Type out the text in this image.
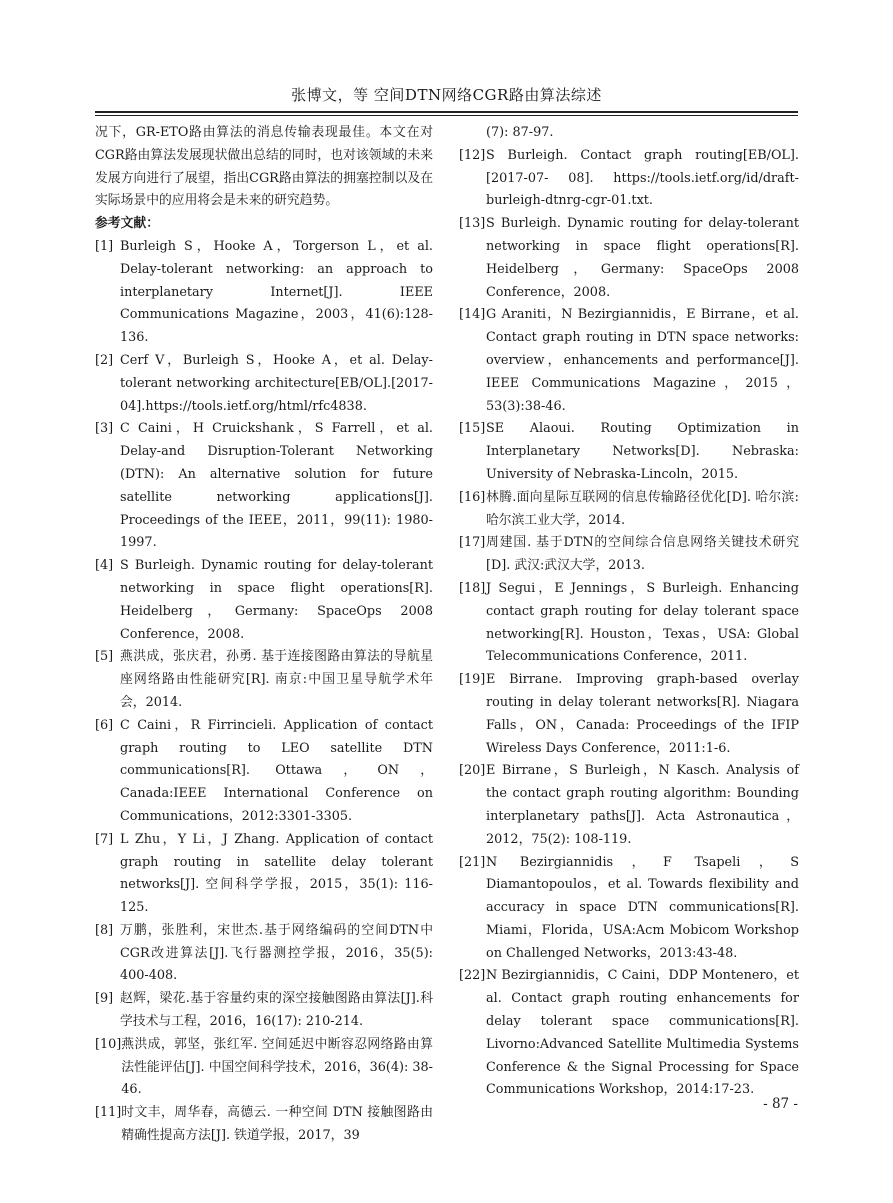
张博文，等 空间DTN网络CGR路由算法综述

况下，GR-ETO路由算法的消息传输表现最佳。本文在对CGR路由算法发展现状做出总结的同时，也对该领域的未来发展方向进行了展望，指出CGR路由算法的拥塞控制以及在实际场景中的应用将会是未来的研究趋势。

参考文献：

[1] Burleigh S，Hooke A，Torgerson L，et al. Delay-tolerant networking: an approach to interplanetary Internet[J]. IEEE Communications Magazine，2003，41(6):128-136.
[2] Cerf V，Burleigh S，Hooke A，et al. Delay-tolerant networking architecture[EB/OL].[2017-04].https://tools.ietf.org/html/rfc4838.
[3] C Caini，H Cruickshank，S Farrell，et al. Delay-and Disruption-Tolerant Networking (DTN): An alternative solution for future satellite networking applications[J]. Proceedings of the IEEE，2011，99(11): 1980-1997.
[4] S Burleigh. Dynamic routing for delay-tolerant networking in space flight operations[R]. Heidelberg，Germany: SpaceOps 2008 Conference，2008.
[5] 燕洪成，张庆君，孙勇. 基于连接图路由算法的导航星座网络路由性能研究[R]. 南京:中国卫星导航学术年会，2014.
[6] C Caini，R Firrincieli. Application of contact graph routing to LEO satellite DTN communications[R]. Ottawa，ON，Canada:IEEE International Conference on Communications，2012:3301-3305.
[7] L Zhu，Y Li，J Zhang. Application of contact graph routing in satellite delay tolerant networks[J]. 空间科学学报，2015，35(1): 116-125.
[8] 万鹏，张胜利，宋世杰.基于网络编码的空间DTN中CGR改进算法[J].飞行器测控学报，2016，35(5): 400-408.
[9] 赵辉，梁花.基于容量约束的深空接触图路由算法[J].科学技术与工程，2016，16(17): 210-214.
[10] 燕洪成，郭坚，张红军. 空间延迟中断容忍网络路由算法性能评估[J]. 中国空间科学技术，2016，36(4): 38-46.
[11] 时文丰，周华春，高德云. 一种空间 DTN 接触图路由精确性提高方法[J]. 铁道学报，2017，39
(7): 87-97.
[12] S Burleigh. Contact graph routing[EB/OL]. [2017-07- 08]. https://tools.ietf.org/id/draft- burleigh-dtnrg-cgr-01.txt.
[13] S Burleigh. Dynamic routing for delay-tolerant networking in space flight operations[R]. Heidelberg，Germany: SpaceOps 2008 Conference，2008.
[14] G Araniti，N Bezirgiannidis，E Birrane，et al. Contact graph routing in DTN space networks: overview，enhancements and performance[J]. IEEE Communications Magazine，2015，53(3):38-46.
[15] SE Alaoui. Routing Optimization in Interplanetary Networks[D]. Nebraska: University of Nebraska-Lincoln，2015.
[16] 林腾.面向星际互联网的信息传输路径优化[D]. 哈尔滨:哈尔滨工业大学，2014.
[17] 周建国. 基于DTN的空间综合信息网络关键技术研究[D]. 武汉:武汉大学，2013.
[18] J Segui，E Jennings，S Burleigh. Enhancing contact graph routing for delay tolerant space networking[R]. Houston，Texas，USA: Global Telecommunications Conference，2011.
[19] E Birrane. Improving graph-based overlay routing in delay tolerant networks[R]. Niagara Falls，ON，Canada: Proceedings of the IFIP Wireless Days Conference，2011:1-6.
[20] E Birrane，S Burleigh，N Kasch. Analysis of the contact graph routing algorithm: Bounding interplanetary paths[J]. Acta Astronautica，2012，75(2): 108-119.
[21] N Bezirgiannidis，F Tsapeli，S Diamantopoulos，et al. Towards flexibility and accuracy in space DTN communications[R]. Miami，Florida，USA:Acm Mobicom Workshop on Challenged Networks，2013:43-48.
[22] N Bezirgiannidis，C Caini，DDP Montenero，et al. Contact graph routing enhancements for delay tolerant space communications[R]. Livorno:Advanced Satellite Multimedia Systems Conference & the Signal Processing for Space Communications Workshop，2014:17-23.
- 87 -
